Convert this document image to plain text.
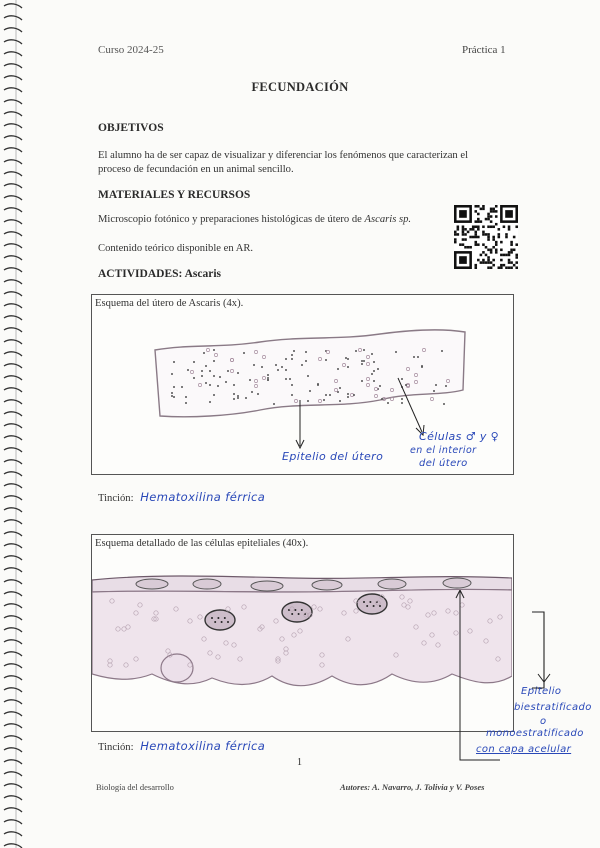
Curso 2024-25	Práctica 1
FECUNDACIÓN
OBJETIVOS
El alumno ha de ser capaz de visualizar y diferenciar los fenómenos que caracterizan el
proceso de fecundación en un animal sencillo.
MATERIALES Y RECURSOS
Microscopio fotónico y preparaciones histológicas de útero de Ascaris sp.
Contenido teórico disponible en AR.
ACTIVIDADES: Ascaris
Esquema del útero de Ascaris (4x).
Epitelio del útero
Células ♂ y ♀
en el interior
del útero
Tinción: Hematoxilina férrica
Esquema detallado de las células epiteliales (40x).
Epitelio
biestratificado
o
monoestratificado
con capa acelular
Tinción: Hematoxilina férrica
1
Biología del desarrollo	Autores: A. Navarro, J. Tolivia y V. Poses
